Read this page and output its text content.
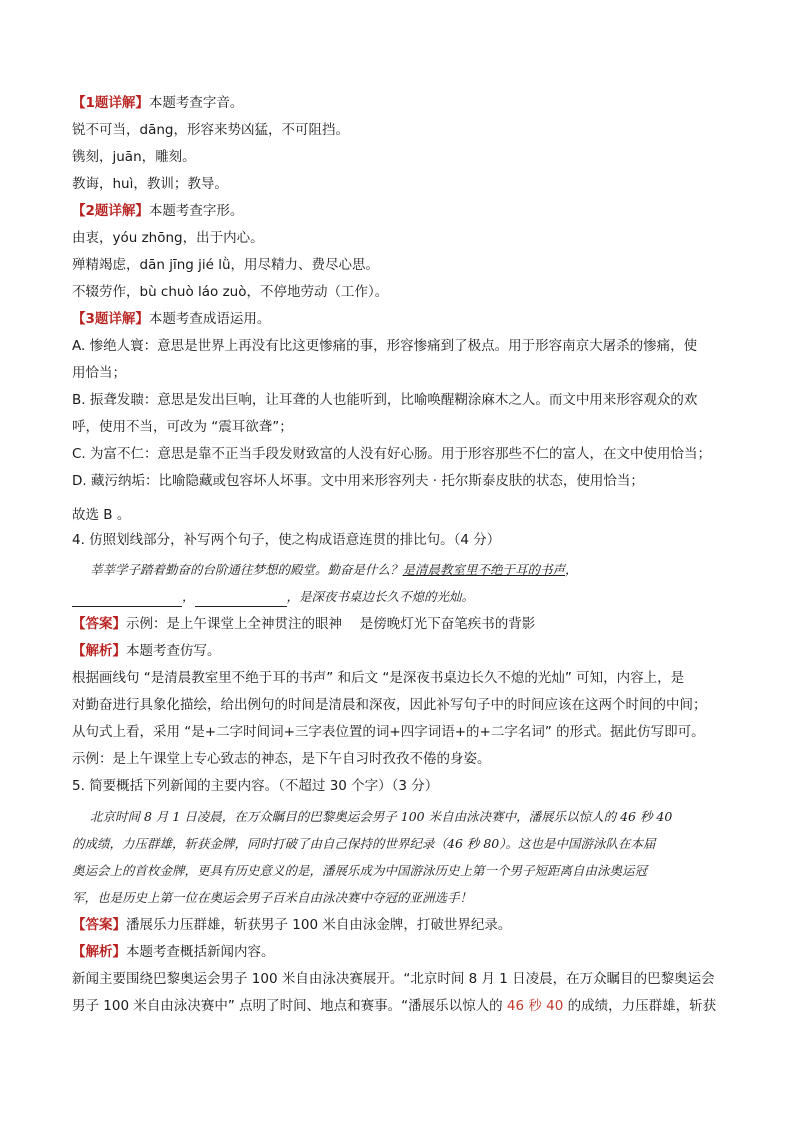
【1题详解】本题考查字音。
锐不可当，dāng，形容来势凶猛，不可阻挡。
镌刻，juān，雕刻。
教诲，huì，教训；教导。
【2题详解】本题考查字形。
由衷，yóu zhōng，出于内心。
殚精竭虑，dān jīng jié lǜ，用尽精力、费尽心思。
不辍劳作，bù chuò láo zuò，不停地劳动（工作）。
【3题详解】本题考查成语运用。
A. 惨绝人寰：意思是世界上再没有比这更惨痛的事，形容惨痛到了极点。用于形容南京大屠杀的惨痛，使
用恰当；
B. 振聋发聩：意思是发出巨响，让耳聋的人也能听到，比喻唤醒糊涂麻木之人。而文中用来形容观众的欢
呼，使用不当，可改为 “震耳欲聋”；
C. 为富不仁：意思是靠不正当手段发财致富的人没有好心肠。用于形容那些不仁的富人，在文中使用恰当；
D. 藏污纳垢：比喻隐藏或包容坏人坏事。文中用来形容列夫 · 托尔斯泰皮肤的状态，使用恰当；
故选 B 。
4. 仿照划线部分，补写两个句子，使之构成语意连贯的排比句。（4 分）
莘莘学子踏着勤奋的台阶通往梦想的殿堂。勤奋是什么？是清晨教室里不绝于耳的书声，
，	，是深夜书桌边长久不熄的光灿。
【答案】示例：是上午课堂上全神贯注的眼神　 是傍晚灯光下奋笔疾书的背影
【解析】本题考查仿写。
根据画线句 “是清晨教室里不绝于耳的书声” 和后文 “是深夜书桌边长久不熄的光灿” 可知，内容上，是
对勤奋进行具象化描绘，给出例句的时间是清晨和深夜，因此补写句子中的时间应该在这两个时间的中间；
从句式上看，采用 “是+二字时间词+三字表位置的词+四字词语+的+二字名词” 的形式。据此仿写即可。
示例：是上午课堂上专心致志的神态，是下午自习时孜孜不倦的身姿。
5. 简要概括下列新闻的主要内容。（不超过 30 个字）（3 分）
北京时间 8 月 1 日凌晨，在万众瞩目的巴黎奥运会男子 100 米自由泳决赛中，潘展乐以惊人的 46 秒 40
的成绩，力压群雄，斩获金牌，同时打破了由自己保持的世界纪录（46 秒 80）。这也是中国游泳队在本届
奥运会上的首枚金牌，更具有历史意义的是，潘展乐成为中国游泳历史上第一个男子短距离自由泳奥运冠
军，也是历史上第一位在奥运会男子百米自由泳决赛中夺冠的亚洲选手！
【答案】潘展乐力压群雄，斩获男子 100 米自由泳金牌，打破世界纪录。
【解析】本题考查概括新闻内容。
新闻主要围绕巴黎奥运会男子 100 米自由泳决赛展开。“北京时间 8 月 1 日凌晨，在万众瞩目的巴黎奥运会
男子 100 米自由泳决赛中” 点明了时间、地点和赛事。“潘展乐以惊人的 46 秒 40 的成绩，力压群雄，斩获
